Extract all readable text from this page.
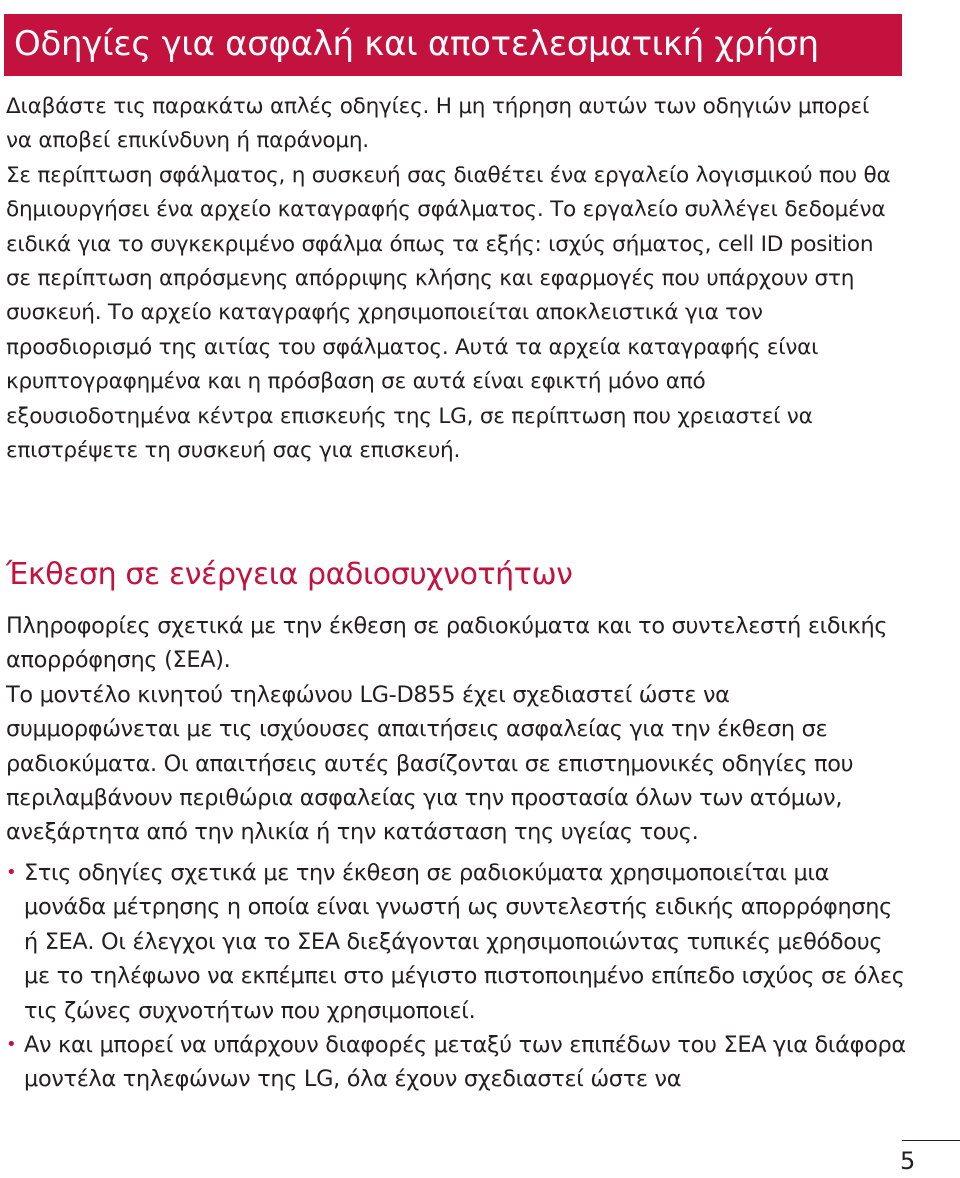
Οδηγίες για ασφαλή και αποτελεσματική χρήση

Διαβάστε τις παρακάτω απλές οδηγίες. Η μη τήρηση αυτών των οδηγιών μπορεί να αποβεί επικίνδυνη ή παράνομη.

Σε περίπτωση σφάλματος, η συσκευή σας διαθέτει ένα εργαλείο λογισμικού που θα δημιουργήσει ένα αρχείο καταγραφής σφάλματος. Το εργαλείο συλλέγει δεδομένα ειδικά για το συγκεκριμένο σφάλμα όπως τα εξής: ισχύς σήματος, cell ID position σε περίπτωση απρόσμενης απόρριψης κλήσης και εφαρμογές που υπάρχουν στη συσκευή. Το αρχείο καταγραφής χρησιμοποιείται αποκλειστικά για τον προσδιορισμό της αιτίας του σφάλματος. Αυτά τα αρχεία καταγραφής είναι κρυπτογραφημένα και η πρόσβαση σε αυτά είναι εφικτή μόνο από εξουσιοδοτημένα κέντρα επισκευής της LG, σε περίπτωση που χρειαστεί να επιστρέψετε τη συσκευή σας για επισκευή.

Έκθεση σε ενέργεια ραδιοσυχνοτήτων

Πληροφορίες σχετικά με την έκθεση σε ραδιοκύματα και το συντελεστή ειδικής απορρόφησης (ΣΕΑ).

Το μοντέλο κινητού τηλεφώνου LG-D855 έχει σχεδιαστεί ώστε να συμμορφώνεται με τις ισχύουσες απαιτήσεις ασφαλείας για την έκθεση σε ραδιοκύματα. Οι απαιτήσεις αυτές βασίζονται σε επιστημονικές οδηγίες που περιλαμβάνουν περιθώρια ασφαλείας για την προστασία όλων των ατόμων, ανεξάρτητα από την ηλικία ή την κατάσταση της υγείας τους.

• Στις οδηγίες σχετικά με την έκθεση σε ραδιοκύματα χρησιμοποιείται μια μονάδα μέτρησης η οποία είναι γνωστή ως συντελεστής ειδικής απορρόφησης ή ΣΕΑ. Οι έλεγχοι για το ΣΕΑ διεξάγονται χρησιμοποιώντας τυπικές μεθόδους με το τηλέφωνο να εκπέμπει στο μέγιστο πιστοποιημένο επίπεδο ισχύος σε όλες τις ζώνες συχνοτήτων που χρησιμοποιεί.
• Αν και μπορεί να υπάρχουν διαφορές μεταξύ των επιπέδων του ΣΕΑ για διάφορα μοντέλα τηλεφώνων της LG, όλα έχουν σχεδιαστεί ώστε να
5
